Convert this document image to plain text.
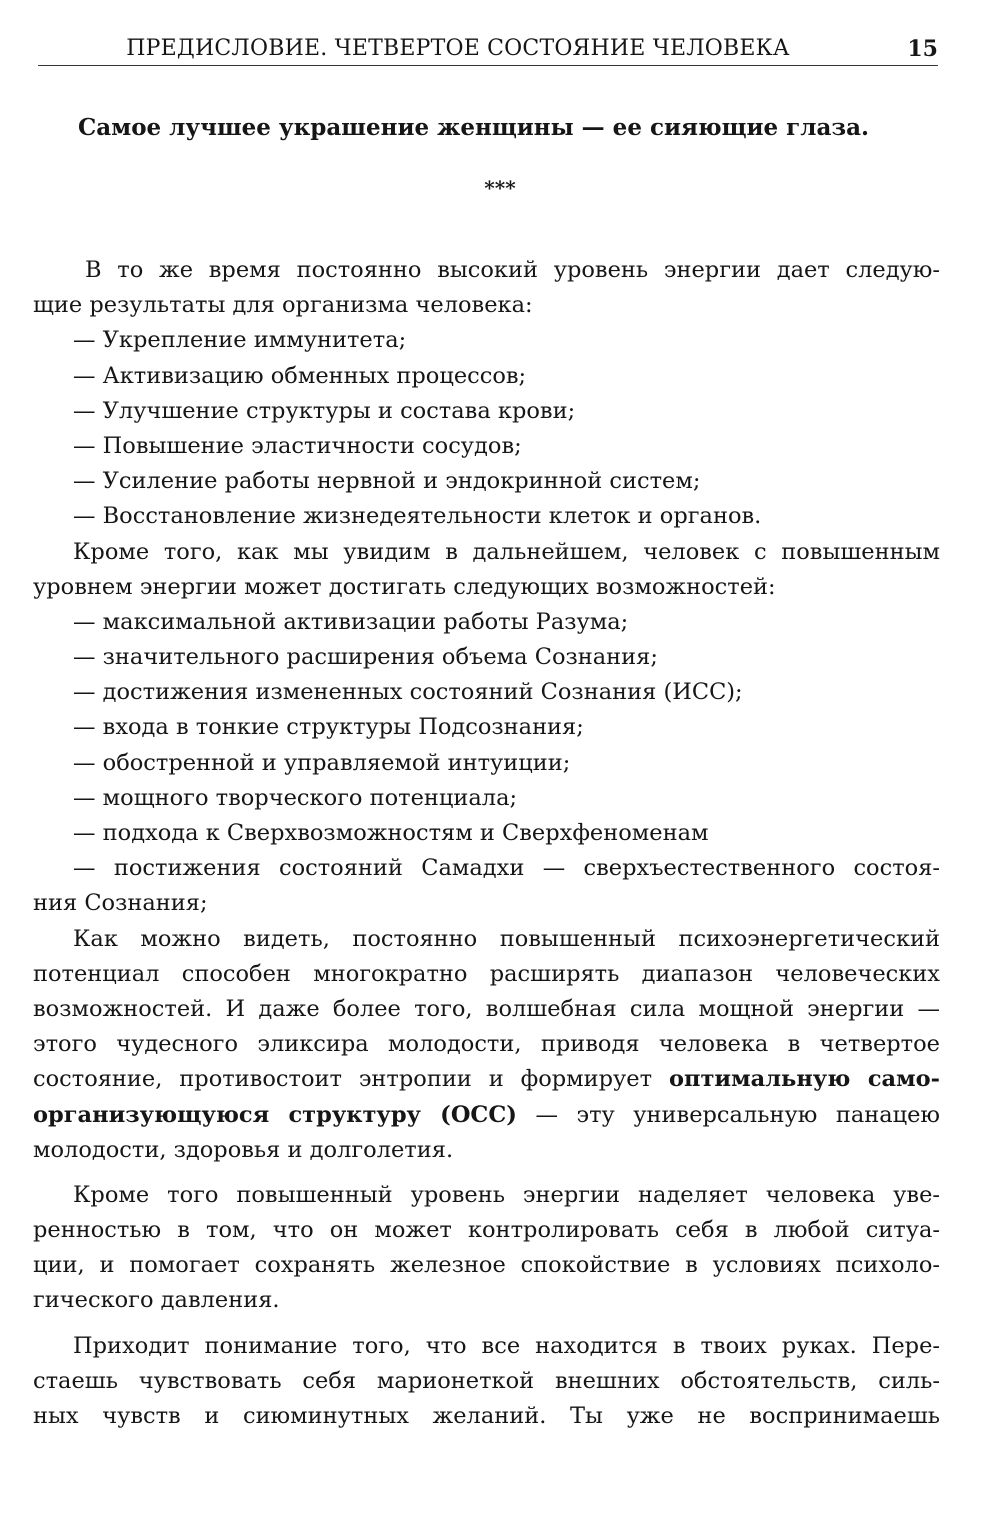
ПРЕДИСЛОВИЕ. ЧЕТВЕРТОЕ СОСТОЯНИЕ ЧЕЛОВЕКА	15
Самое лучшее украшение женщины — ее сияющие глаза.
***
В то же время постоянно высокий уровень энергии дает следую-
щие результаты для организма человека:
— Укрепление иммунитета;
— Активизацию обменных процессов;
— Улучшение структуры и состава крови;
— Повышение эластичности сосудов;
— Усиление работы нервной и эндокринной систем;
— Восстановление жизнедеятельности клеток и органов.
Кроме того, как мы увидим в дальнейшем, человек с повышенным
уровнем энергии может достигать следующих возможностей:
— максимальной активизации работы Разума;
— значительного расширения объема Сознания;
— достижения измененных состояний Сознания (ИСС);
— входа в тонкие структуры Подсознания;
— обостренной и управляемой интуиции;
— мощного творческого потенциала;
— подхода к Сверхвозможностям и Сверхфеноменам
— постижения состояний Самадхи — сверхъестественного состоя-
ния Сознания;
Как можно видеть, постоянно повышенный психоэнергетический
потенциал способен многократно расширять диапазон человеческих
возможностей. И даже более того, волшебная сила мощной энергии —
этого чудесного эликсира молодости, приводя человека в четвертое
состояние, противостоит энтропии и формирует оптимальную само-
организующуюся структуру (ОСС) — эту универсальную панацею
молодости, здоровья и долголетия.
Кроме того повышенный уровень энергии наделяет человека уве-
ренностью в том, что он может контролировать себя в любой ситуа-
ции, и помогает сохранять железное спокойствие в условиях психоло-
гического давления.
Приходит понимание того, что все находится в твоих руках. Пере-
стаешь чувствовать себя марионеткой внешних обстоятельств, силь-
ных чувств и сиюминутных желаний. Ты уже не воспринимаешь
